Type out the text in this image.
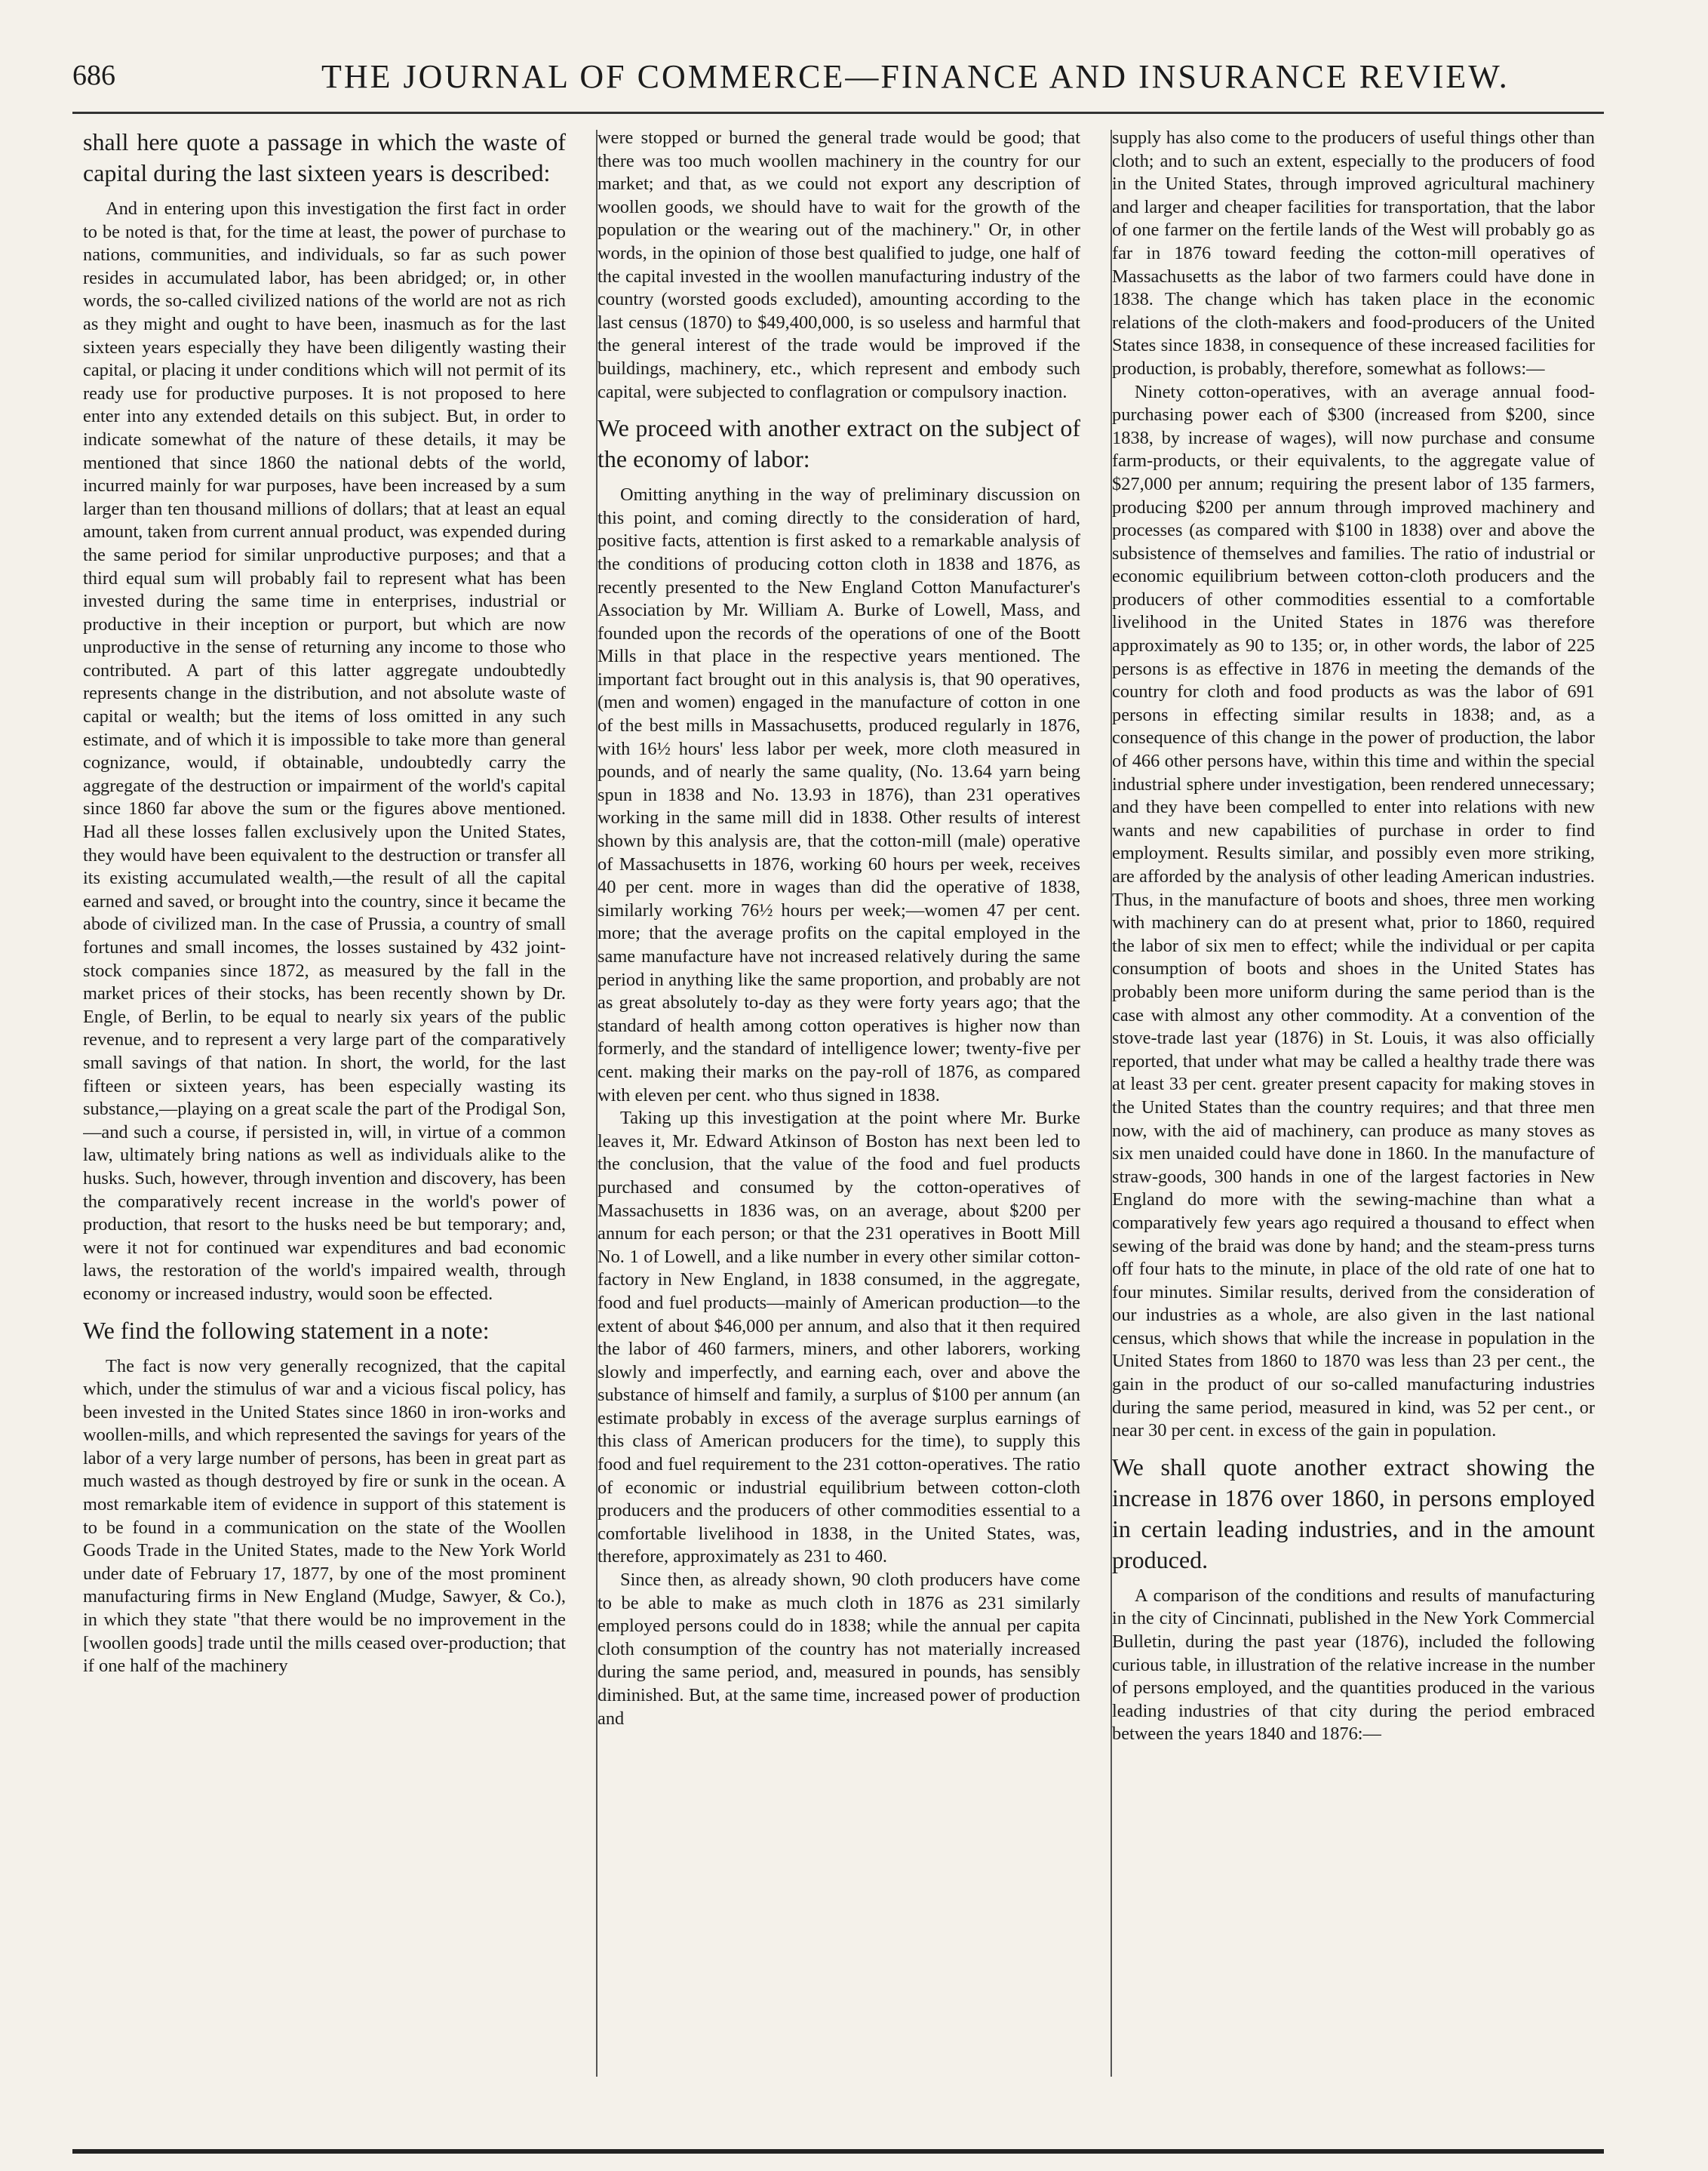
686	THE JOURNAL OF COMMERCE—FINANCE AND INSURANCE REVIEW.

shall here quote a passage in which the waste of capital during the last sixteen years is described:

And in entering upon this investigation the first fact in order to be noted is that, for the time at least, the power of purchase to nations, communities, and individuals, so far as such power resides in accumulated labor, has been abridged; or, in other words, the so-called civilized nations of the world are not as rich as they might and ought to have been, inasmuch as for the last sixteen years especially they have been diligently wasting their capital, or placing it under conditions which will not permit of its ready use for productive purposes. It is not proposed to here enter into any extended details on this subject. But, in order to indicate somewhat of the nature of these details, it may be mentioned that since 1860 the national debts of the world, incurred mainly for war purposes, have been increased by a sum larger than ten thousand millions of dollars; that at least an equal amount, taken from current annual product, was expended during the same period for similar unproductive purposes; and that a third equal sum will probably fail to represent what has been invested during the same time in enterprises, industrial or productive in their inception or purport, but which are now unproductive in the sense of returning any income to those who contributed. A part of this latter aggregate undoubtedly represents change in the distribution, and not absolute waste of capital or wealth; but the items of loss omitted in any such estimate, and of which it is impossible to take more than general cognizance, would, if obtainable, undoubtedly carry the aggregate of the destruction or impairment of the world's capital since 1860 far above the sum or the figures above mentioned. Had all these losses fallen exclusively upon the United States, they would have been equivalent to the destruction or transfer all its existing accumulated wealth,—the result of all the capital earned and saved, or brought into the country, since it became the abode of civilized man. In the case of Prussia, a country of small fortunes and small incomes, the losses sustained by 432 joint-stock companies since 1872, as measured by the fall in the market prices of their stocks, has been recently shown by Dr. Engle, of Berlin, to be equal to nearly six years of the public revenue, and to represent a very large part of the comparatively small savings of that nation. In short, the world, for the last fifteen or sixteen years, has been especially wasting its substance,—playing on a great scale the part of the Prodigal Son,—and such a course, if persisted in, will, in virtue of a common law, ultimately bring nations as well as individuals alike to the husks. Such, however, through invention and discovery, has been the comparatively recent increase in the world's power of production, that resort to the husks need be but temporary; and, were it not for continued war expenditures and bad economic laws, the restoration of the world's impaired wealth, through economy or increased industry, would soon be effected.

We find the following statement in a note:

The fact is now very generally recognized, that the capital which, under the stimulus of war and a vicious fiscal policy, has been invested in the United States since 1860 in iron-works and woollen-mills, and which represented the savings for years of the labor of a very large number of persons, has been in great part as much wasted as though destroyed by fire or sunk in the ocean. A most remarkable item of evidence in support of this statement is to be found in a communication on the state of the Woollen Goods Trade in the United States, made to the New York World under date of February 17, 1877, by one of the most prominent manufacturing firms in New England (Mudge, Sawyer, & Co.), in which they state "that there would be no improvement in the [woollen goods] trade until the mills ceased over-production; that if one half of the machinery

were stopped or burned the general trade would be good; that there was too much woollen machinery in the country for our market; and that, as we could not export any description of woollen goods, we should have to wait for the growth of the population or the wearing out of the machinery." Or, in other words, in the opinion of those best qualified to judge, one half of the capital invested in the woollen manufacturing industry of the country (worsted goods excluded), amounting according to the last census (1870) to $49,400,000, is so useless and harmful that the general interest of the trade would be improved if the buildings, machinery, etc., which represent and embody such capital, were subjected to conflagration or compulsory inaction.

We proceed with another extract on the subject of the economy of labor:

Omitting anything in the way of preliminary discussion on this point, and coming directly to the consideration of hard, positive facts, attention is first asked to a remarkable analysis of the conditions of producing cotton cloth in 1838 and 1876, as recently presented to the New England Cotton Manufacturer's Association by Mr. William A. Burke of Lowell, Mass, and founded upon the records of the operations of one of the Boott Mills in that place in the respective years mentioned. The important fact brought out in this analysis is, that 90 operatives, (men and women) engaged in the manufacture of cotton in one of the best mills in Massachusetts, produced regularly in 1876, with 16½ hours' less labor per week, more cloth measured in pounds, and of nearly the same quality, (No. 13.64 yarn being spun in 1838 and No. 13.93 in 1876), than 231 operatives working in the same mill did in 1838. Other results of interest shown by this analysis are, that the cotton-mill (male) operative of Massachusetts in 1876, working 60 hours per week, receives 40 per cent. more in wages than did the operative of 1838, similarly working 76½ hours per week;—women 47 per cent. more; that the average profits on the capital employed in the same manufacture have not increased relatively during the same period in anything like the same proportion, and probably are not as great absolutely to-day as they were forty years ago; that the standard of health among cotton operatives is higher now than formerly, and the standard of intelligence lower; twenty-five per cent. making their marks on the pay-roll of 1876, as compared with eleven per cent. who thus signed in 1838.

Taking up this investigation at the point where Mr. Burke leaves it, Mr. Edward Atkinson of Boston has next been led to the conclusion, that the value of the food and fuel products purchased and consumed by the cotton-operatives of Massachusetts in 1836 was, on an average, about $200 per annum for each person; or that the 231 operatives in Boott Mill No. 1 of Lowell, and a like number in every other similar cotton-factory in New England, in 1838 consumed, in the aggregate, food and fuel products—mainly of American production—to the extent of about $46,000 per annum, and also that it then required the labor of 460 farmers, miners, and other laborers, working slowly and imperfectly, and earning each, over and above the substance of himself and family, a surplus of $100 per annum (an estimate probably in excess of the average surplus earnings of this class of American producers for the time), to supply this food and fuel requirement to the 231 cotton-operatives. The ratio of economic or industrial equilibrium between cotton-cloth producers and the producers of other commodities essential to a comfortable livelihood in 1838, in the United States, was, therefore, approximately as 231 to 460.

Since then, as already shown, 90 cloth producers have come to be able to make as much cloth in 1876 as 231 similarly employed persons could do in 1838; while the annual per capita cloth consumption of the country has not materially increased during the same period, and, measured in pounds, has sensibly diminished. But, at the same time, increased power of production and

supply has also come to the producers of useful things other than cloth; and to such an extent, especially to the producers of food in the United States, through improved agricultural machinery and larger and cheaper facilities for transportation, that the labor of one farmer on the fertile lands of the West will probably go as far in 1876 toward feeding the cotton-mill operatives of Massachusetts as the labor of two farmers could have done in 1838. The change which has taken place in the economic relations of the cloth-makers and food-producers of the United States since 1838, in consequence of these increased facilities for production, is probably, therefore, somewhat as follows:—

Ninety cotton-operatives, with an average annual food-purchasing power each of $300 (increased from $200, since 1838, by increase of wages), will now purchase and consume farm-products, or their equivalents, to the aggregate value of $27,000 per annum; requiring the present labor of 135 farmers, producing $200 per annum through improved machinery and processes (as compared with $100 in 1838) over and above the subsistence of themselves and families. The ratio of industrial or economic equilibrium between cotton-cloth producers and the producers of other commodities essential to a comfortable livelihood in the United States in 1876 was therefore approximately as 90 to 135; or, in other words, the labor of 225 persons is as effective in 1876 in meeting the demands of the country for cloth and food products as was the labor of 691 persons in effecting similar results in 1838; and, as a consequence of this change in the power of production, the labor of 466 other persons have, within this time and within the special industrial sphere under investigation, been rendered unnecessary; and they have been compelled to enter into relations with new wants and new capabilities of purchase in order to find employment. Results similar, and possibly even more striking, are afforded by the analysis of other leading American industries. Thus, in the manufacture of boots and shoes, three men working with machinery can do at present what, prior to 1860, required the labor of six men to effect; while the individual or per capita consumption of boots and shoes in the United States has probably been more uniform during the same period than is the case with almost any other commodity. At a convention of the stove-trade last year (1876) in St. Louis, it was also officially reported, that under what may be called a healthy trade there was at least 33 per cent. greater present capacity for making stoves in the United States than the country requires; and that three men now, with the aid of machinery, can produce as many stoves as six men unaided could have done in 1860. In the manufacture of straw-goods, 300 hands in one of the largest factories in New England do more with the sewing-machine than what a comparatively few years ago required a thousand to effect when sewing of the braid was done by hand; and the steam-press turns off four hats to the minute, in place of the old rate of one hat to four minutes. Similar results, derived from the consideration of our industries as a whole, are also given in the last national census, which shows that while the increase in population in the United States from 1860 to 1870 was less than 23 per cent., the gain in the product of our so-called manufacturing industries during the same period, measured in kind, was 52 per cent., or near 30 per cent. in excess of the gain in population.

We shall quote another extract showing the increase in 1876 over 1860, in persons employed in certain leading industries, and in the amount produced.

A comparison of the conditions and results of manufacturing in the city of Cincinnati, published in the New York Commercial Bulletin, during the past year (1876), included the following curious table, in illustration of the relative increase in the number of persons employed, and the quantities produced in the various leading industries of that city during the period embraced between the years 1840 and 1876:—
